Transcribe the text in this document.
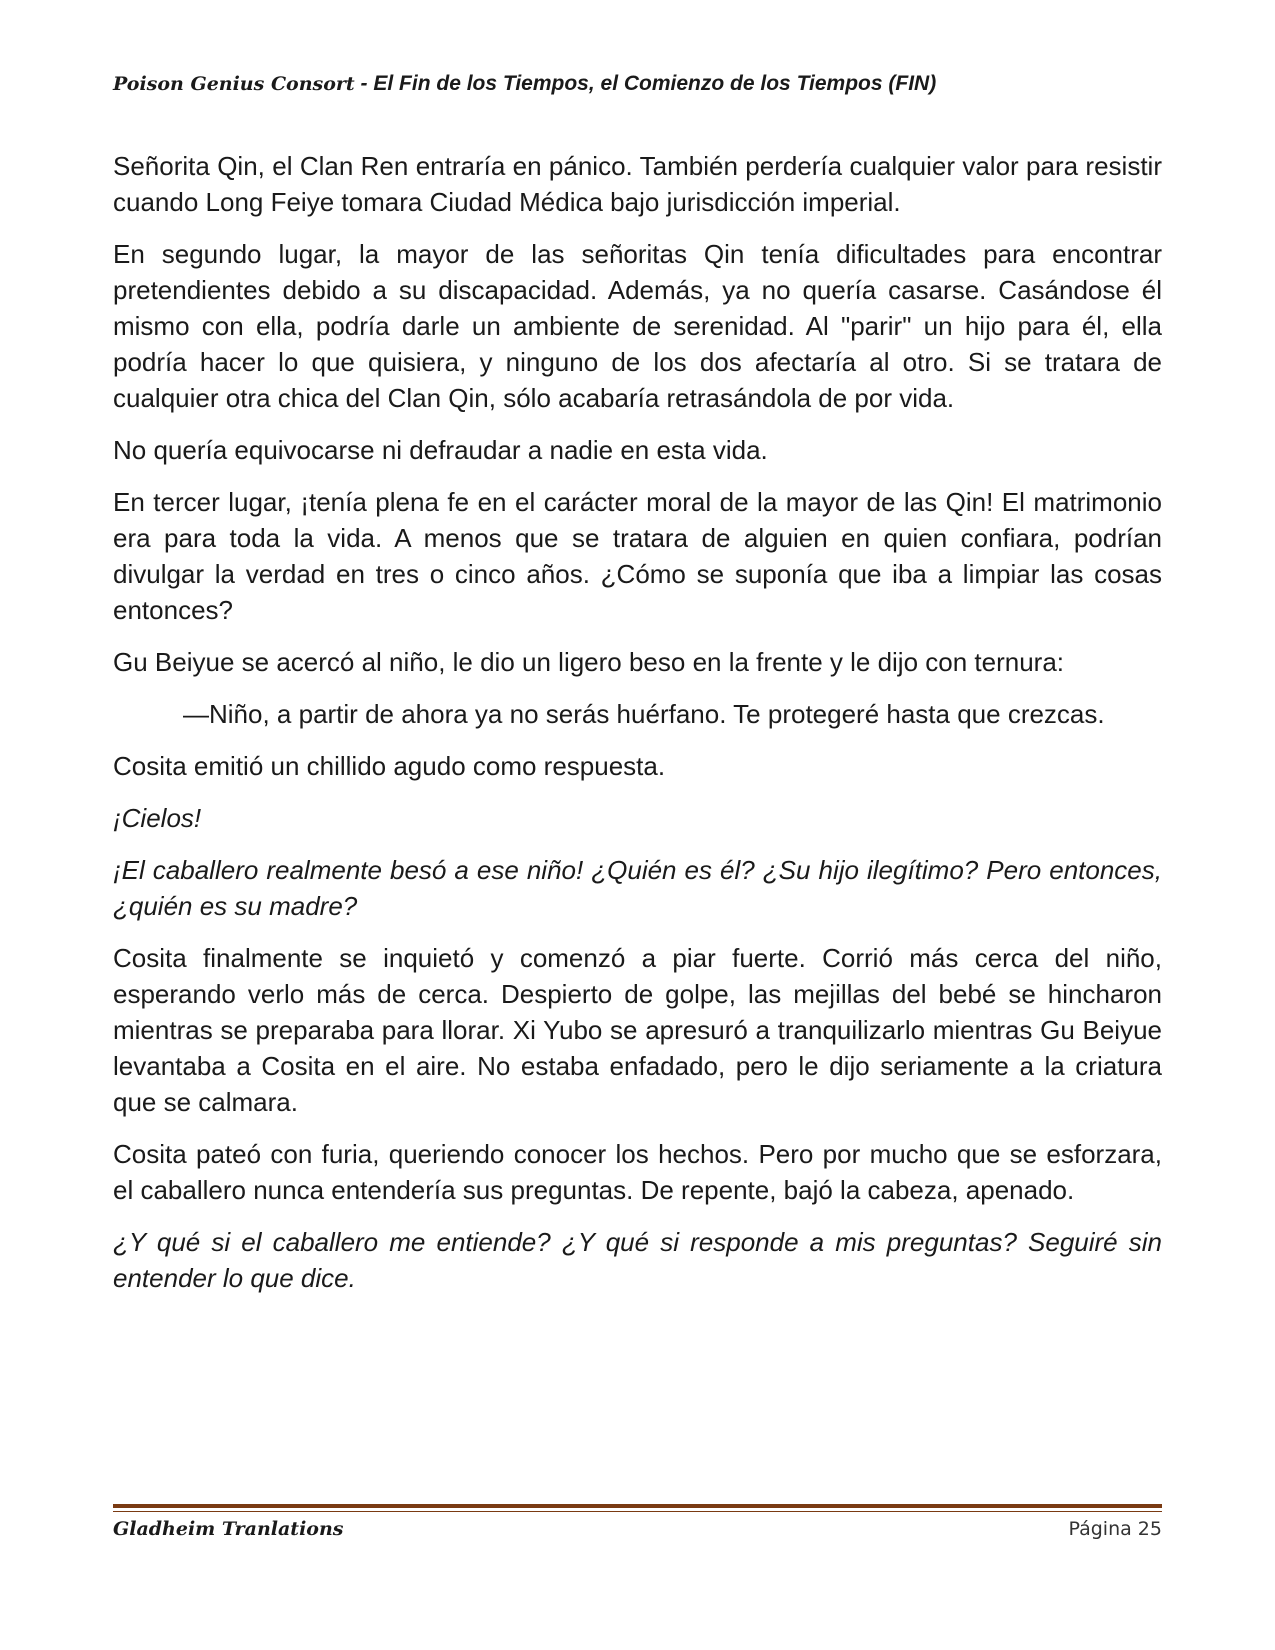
Poison Genius Consort - El Fin de los Tiempos, el Comienzo de los Tiempos (FIN)

Señorita Qin, el Clan Ren entraría en pánico. También perdería cualquier valor para resistir cuando Long Feiye tomara Ciudad Médica bajo jurisdicción imperial.

En segundo lugar, la mayor de las señoritas Qin tenía dificultades para encontrar pretendientes debido a su discapacidad. Además, ya no quería casarse. Casándose él mismo con ella, podría darle un ambiente de serenidad. Al "parir" un hijo para él, ella podría hacer lo que quisiera, y ninguno de los dos afectaría al otro. Si se tratara de cualquier otra chica del Clan Qin, sólo acabaría retrasándola de por vida.

No quería equivocarse ni defraudar a nadie en esta vida.

En tercer lugar, ¡tenía plena fe en el carácter moral de la mayor de las Qin! El matrimonio era para toda la vida. A menos que se tratara de alguien en quien confiara, podrían divulgar la verdad en tres o cinco años. ¿Cómo se suponía que iba a limpiar las cosas entonces?

Gu Beiyue se acercó al niño, le dio un ligero beso en la frente y le dijo con ternura:

—Niño, a partir de ahora ya no serás huérfano. Te protegeré hasta que crezcas.

Cosita emitió un chillido agudo como respuesta.

¡Cielos!

¡El caballero realmente besó a ese niño! ¿Quién es él? ¿Su hijo ilegítimo? Pero entonces, ¿quién es su madre?

Cosita finalmente se inquietó y comenzó a piar fuerte. Corrió más cerca del niño, esperando verlo más de cerca. Despierto de golpe, las mejillas del bebé se hincharon mientras se preparaba para llorar. Xi Yubo se apresuró a tranquilizarlo mientras Gu Beiyue levantaba a Cosita en el aire. No estaba enfadado, pero le dijo seriamente a la criatura que se calmara.

Cosita pateó con furia, queriendo conocer los hechos. Pero por mucho que se esforzara, el caballero nunca entendería sus preguntas. De repente, bajó la cabeza, apenado.

¿Y qué si el caballero me entiende? ¿Y qué si responde a mis preguntas? Seguiré sin entender lo que dice.

Gladheim Tranlations	Página 25
